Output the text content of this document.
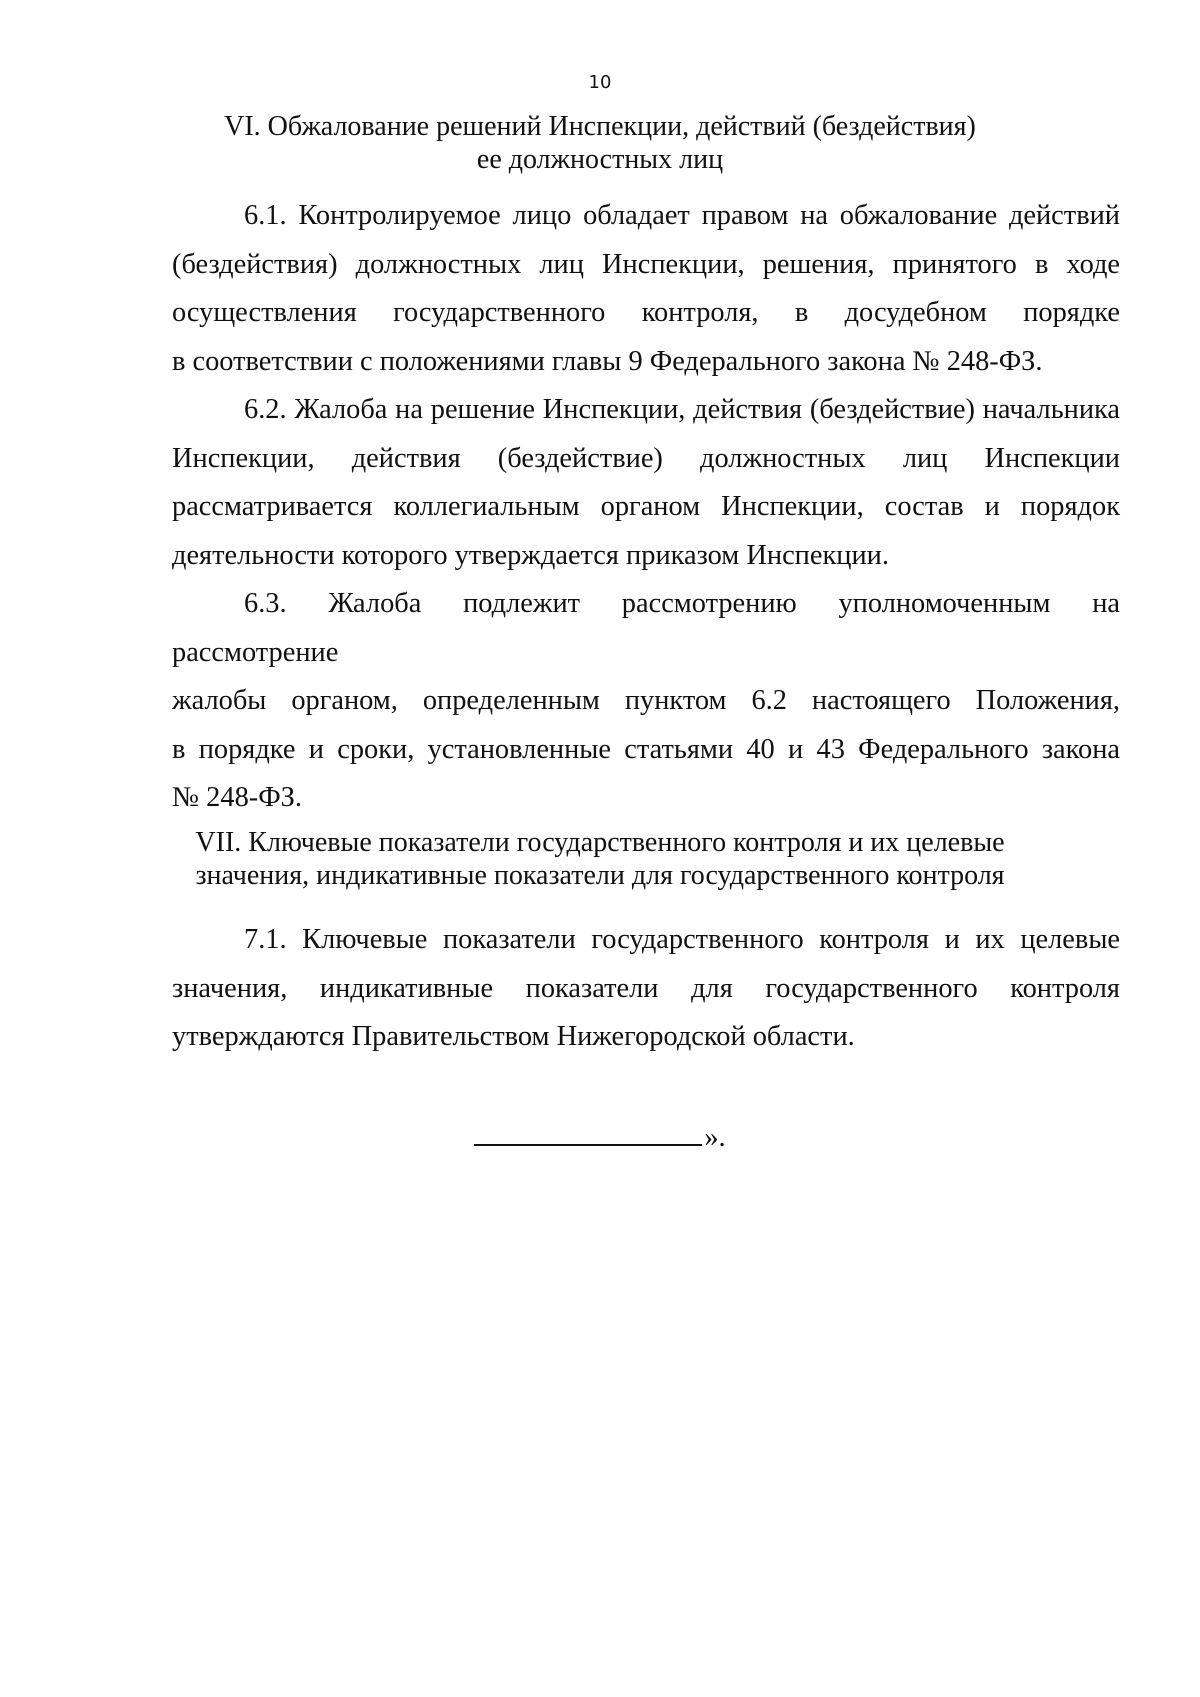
10
VI. Обжалование решений Инспекции, действий (бездействия)
ее должностных лиц

6.1. Контролируемое лицо обладает правом на обжалование действий
(бездействия) должностных лиц Инспекции, решения, принятого в ходе
осуществления государственного контроля, в досудебном порядке
в соответствии с положениями главы 9 Федерального закона № 248-ФЗ.

6.2. Жалоба на решение Инспекции, действия (бездействие) начальника
Инспекции, действия (бездействие) должностных лиц Инспекции
рассматривается коллегиальным органом Инспекции, состав и порядок
деятельности которого утверждается приказом Инспекции.

6.3. Жалоба подлежит рассмотрению уполномоченным на рассмотрение
жалобы органом, определенным пунктом 6.2 настоящего Положения,
в порядке и сроки, установленные статьями 40 и 43 Федерального закона
№ 248-ФЗ.

VII. Ключевые показатели государственного контроля и их целевые
значения, индикативные показатели для государственного контроля

7.1. Ключевые показатели государственного контроля и их целевые
значения, индикативные показатели для государственного контроля
утверждаются Правительством Нижегородской области.

».
